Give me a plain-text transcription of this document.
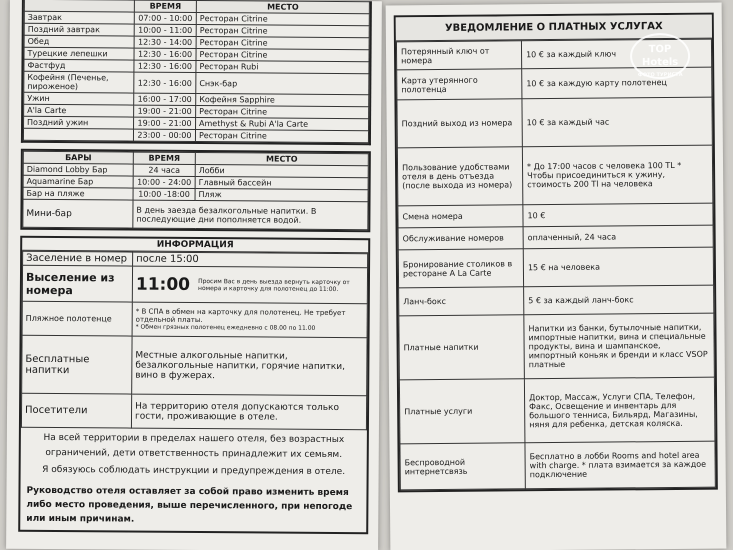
	ВРЕМЯ	МЕСТО
Завтрак	07:00 - 10:00	Ресторан Citrine
Поздний завтрак	10:00 - 11:00	Ресторан Citrine
Обед	12:30 - 14:00	Ресторан Citrine
Турецкие лепешки	12:30 - 16:00	Ресторан Citrine
Фастфуд	12:30 - 16:00	Ресторан Rubi
Кофейня (Печенье, пироженое)	12:30 - 16:00	Снэк-бар
Ужин	16:00 - 17:00	Кофейня Sapphire
A'la Carte	19:00 - 21:00	Ресторан Citrine
Поздний ужин	19:00 - 21:00	Amethyst & Rubi A'la Carte
	23:00 - 00:00	Ресторан Citrine
БАРЫ	ВРЕМЯ	МЕСТО
Diamond Lobby Бар	24 часа	Лобби
Aquamarine Бар	10:00 - 24:00	Главный бассейн
Бар на пляже	10:00 -18:00	Пляж
Мини-бар	В день заезда безалкогольные напитки. В последующие дни пополняется водой.	
ИНФОРМАЦИЯ
Заселение в номер	после 15:00
Выселение из номера	11:00 Просим Вас в день выезда вернуть карточку от номера и карточку для полотенец до 11:00.

Пляжное полотенце	* В СПА в обмен на карточку для полотенец. Не требует отдельной платы.
* Обмен грязных полотенец ежедневно с 08.00 по 11.00

Бесплатные напитки	Местные алкогольные напитки, безалкогольные напитки, горячие напитки, вино в фужерах.
Посетители	На территорию отеля допускаются только гости, проживающие в отеле.
На всей территории в пределах нашего отеля, без возрастных ограничений, дети ответственность принадлежит их семьям.
Я обязуюсь соблюдать инструкции и предупреждения в отеле.
Руководство отеля оставляет за собой право изменить время либо место проведения, выше перечисленного, при непогоде или иным причинам.
УВЕДОМЛЕНИЕ О ПЛАТНЫХ УСЛУГАХ
Потерянный ключ от номера	10 € за каждый ключ
Карта утерянного полотенца	10 € за каждую карту полотенец
Поздний выход из номера	10 € за каждый час
Пользование удобствами отеля в день отъезда (после выхода из номера)	* До 17:00 часов с человека 100 TL * Чтобы присоединиться к ужину, стоимость 200 Tl на человека
Смена номера	10 €
Обслуживание номеров	оплаченный, 24 часа
Бронирование столиков в ресторане A La Carte	15 € на человека
Ланч-бокс	5 € за каждый ланч-бокс
Платные напитки	Напитки из банки, бутылочные напитки, импортные напитки, вина и специальные продукты, вина и шампанское, импортный коньяк и бренди и класс VSOP платные
Платные услуги	Доктор, Массаж, Услуги СПА, Телефон, Факс, Освещение и инвентарь для большого тенниса, Бильярд, Магазины, няня для ребенка, детская коляска.
Беспроводной интернетсвязь	Бесплатно в лобби Rooms and hotel area with charge. * плата взимается за каждое подключение
TOP
Hotels
ФОТО ТУРИСТА
